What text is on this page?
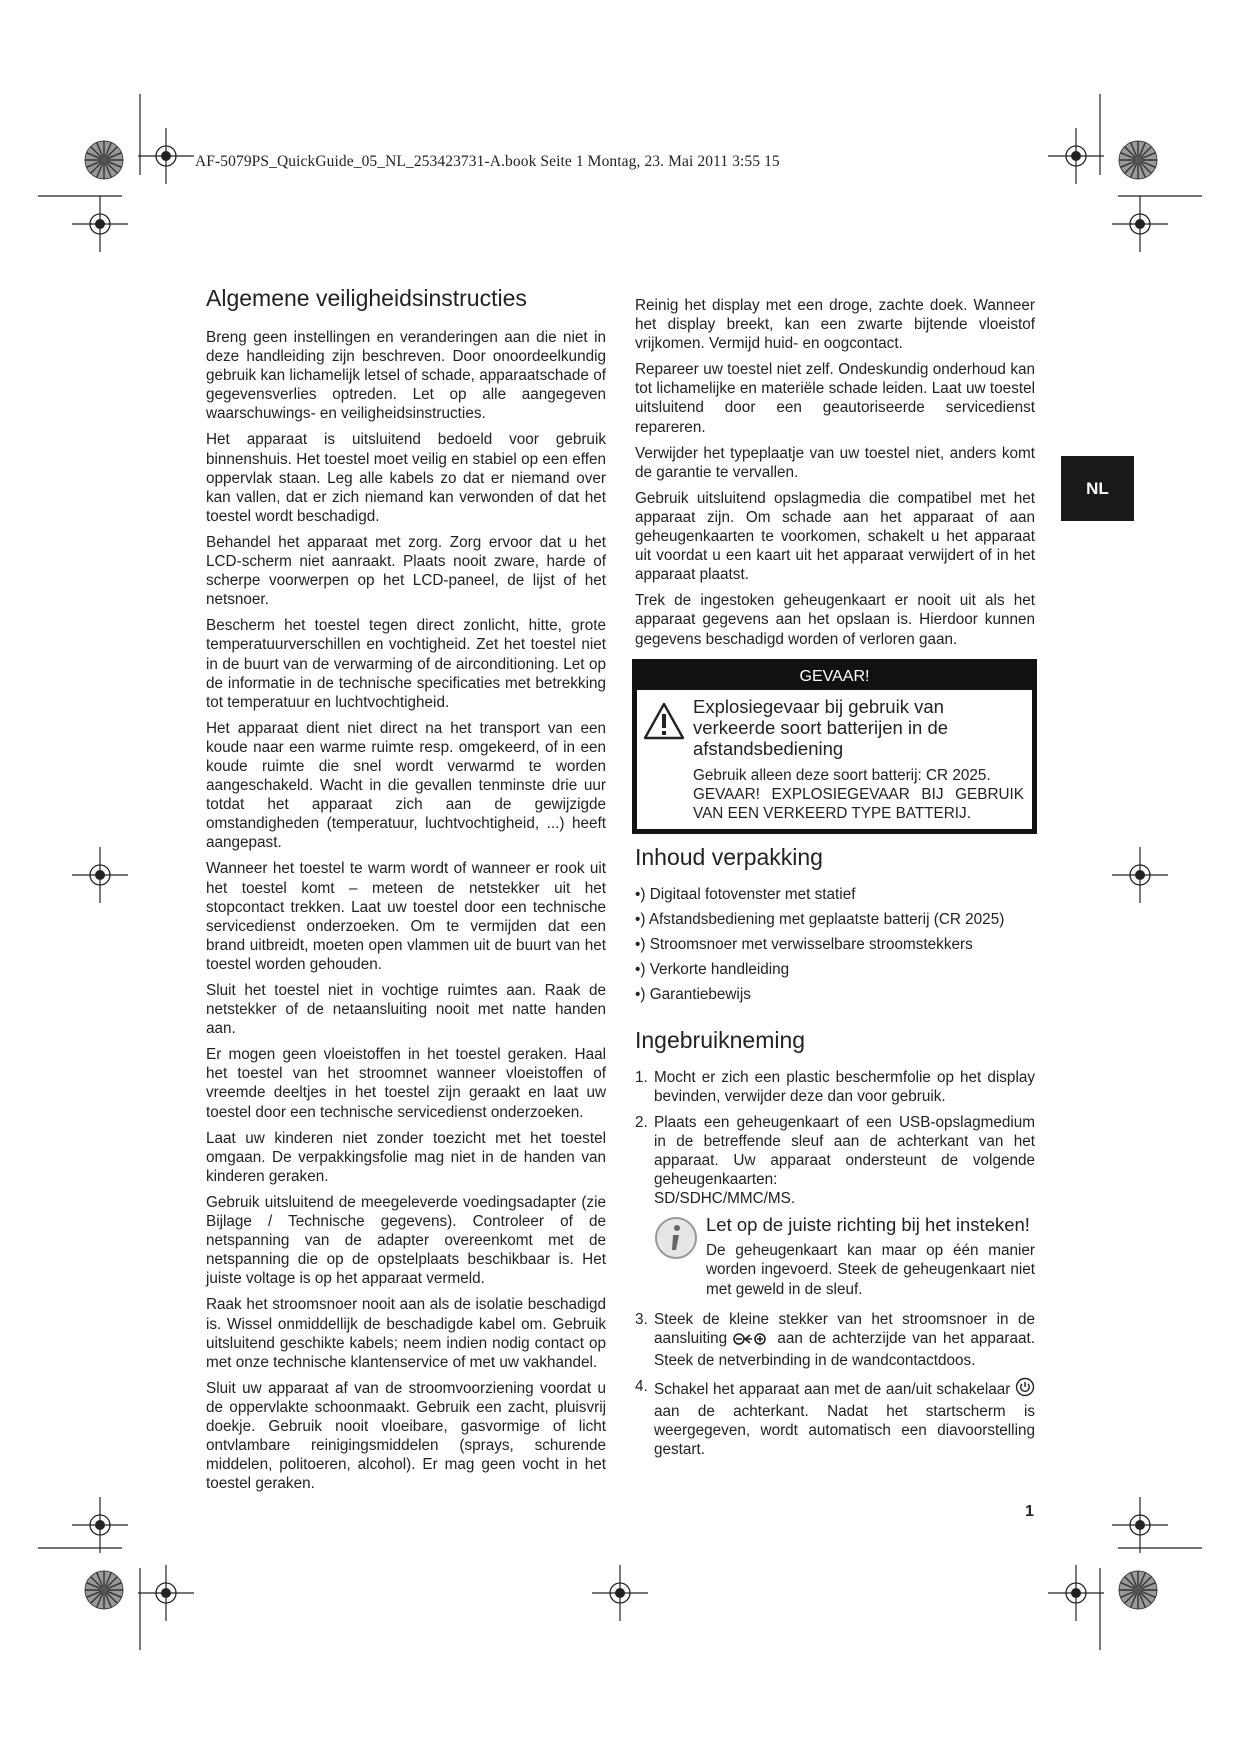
AF-5079PS_QuickGuide_05_NL_253423731-A.book Seite 1 Montag, 23. Mai 2011 3:55 15
NL
Algemene veiligheidsinstructies

Breng geen instellingen en veranderingen aan die niet in deze handleiding zijn beschreven. Door onoordeelkundig gebruik kan lichamelijk letsel of schade, apparaatschade of gegevensverlies optreden. Let op alle aangegeven waarschuwings- en veiligheidsinstructies.

Het apparaat is uitsluitend bedoeld voor gebruik binnenshuis. Het toestel moet veilig en stabiel op een effen oppervlak staan. Leg alle kabels zo dat er niemand over kan vallen, dat er zich niemand kan verwonden of dat het toestel wordt beschadigd.

Behandel het apparaat met zorg. Zorg ervoor dat u het LCD-scherm niet aanraakt. Plaats nooit zware, harde of scherpe voorwerpen op het LCD-paneel, de lijst of het netsnoer.

Bescherm het toestel tegen direct zonlicht, hitte, grote temperatuurverschillen en vochtigheid. Zet het toestel niet in de buurt van de verwarming of de airconditioning. Let op de informatie in de technische specificaties met betrekking tot temperatuur en luchtvochtigheid.

Het apparaat dient niet direct na het transport van een koude naar een warme ruimte resp. omgekeerd, of in een koude ruimte die snel wordt verwarmd te worden aangeschakeld. Wacht in die gevallen tenminste drie uur totdat het apparaat zich aan de gewijzigde omstandigheden (temperatuur, luchtvochtigheid, ...) heeft aangepast.

Wanneer het toestel te warm wordt of wanneer er rook uit het toestel komt – meteen de netstekker uit het stopcontact trekken. Laat uw toestel door een technische servicedienst onderzoeken. Om te vermijden dat een brand uitbreidt, moeten open vlammen uit de buurt van het toestel worden gehouden.

Sluit het toestel niet in vochtige ruimtes aan. Raak de netstekker of de netaansluiting nooit met natte handen aan.

Er mogen geen vloeistoffen in het toestel geraken. Haal het toestel van het stroomnet wanneer vloeistoffen of vreemde deeltjes in het toestel zijn geraakt en laat uw toestel door een technische servicedienst onderzoeken.

Laat uw kinderen niet zonder toezicht met het toestel omgaan. De verpakkingsfolie mag niet in de handen van kinderen geraken.

Gebruik uitsluitend de meegeleverde voedingsadapter (zie Bijlage / Technische gegevens). Controleer of de netspanning van de adapter overeenkomt met de netspanning die op de opstelplaats beschikbaar is. Het juiste voltage is op het apparaat vermeld.

Raak het stroomsnoer nooit aan als de isolatie beschadigd is. Wissel onmiddellijk de beschadigde kabel om. Gebruik uitsluitend geschikte kabels; neem indien nodig contact op met onze technische klantenservice of met uw vakhandel.

Sluit uw apparaat af van de stroomvoorziening voordat u de oppervlakte schoonmaakt. Gebruik een zacht, pluisvrij doekje. Gebruik nooit vloeibare, gasvormige of licht ontvlambare reinigingsmiddelen (sprays, schurende middelen, politoeren, alcohol). Er mag geen vocht in het toestel geraken.

Reinig het display met een droge, zachte doek. Wanneer het display breekt, kan een zwarte bijtende vloeistof vrijkomen. Vermijd huid- en oogcontact.

Repareer uw toestel niet zelf. Ondeskundig onderhoud kan tot lichamelijke en materiële schade leiden. Laat uw toestel uitsluitend door een geautoriseerde servicedienst repareren.

Verwijder het typeplaatje van uw toestel niet, anders komt de garantie te vervallen.

Gebruik uitsluitend opslagmedia die compatibel met het apparaat zijn. Om schade aan het apparaat of aan geheugenkaarten te voorkomen, schakelt u het apparaat uit voordat u een kaart uit het apparaat verwijdert of in het apparaat plaatst.

Trek de ingestoken geheugenkaart er nooit uit als het apparaat gegevens aan het opslaan is. Hierdoor kunnen gegevens beschadigd worden of verloren gaan.

GEVAAR!
Explosiegevaar bij gebruik van verkeerde soort batterijen in de afstandsbediening
Gebruik alleen deze soort batterij: CR 2025.
GEVAAR! EXPLOSIEGEVAAR BIJ GEBRUIK VAN EEN VERKEERD TYPE BATTERIJ.
Inhoud verpakking
•) Digitaal fotovenster met statief
•) Afstandsbediening met geplaatste batterij (CR 2025)
•) Stroomsnoer met verwisselbare stroomstekkers
•) Verkorte handleiding
•) Garantiebewijs
Ingebruikneming
1. Mocht er zich een plastic beschermfolie op het display bevinden, verwijder deze dan voor gebruik.
2. Plaats een geheugenkaart of een USB-opslagmedium in de betreffende sleuf aan de achterkant van het apparaat. Uw apparaat ondersteunt de volgende geheugenkaarten:
SD/SDHC/MMC/MS.
Let op de juiste richting bij het insteken!
De geheugenkaart kan maar op één manier worden ingevoerd. Steek de geheugenkaart niet met geweld in de sleuf.
3. Steek de kleine stekker van het stroomsnoer in de aansluiting	aan de achterzijde van het apparaat. Steek de netverbinding in de wandcontactdoos.
4. Schakel het apparaat aan met de aan/uit schakelaar  aan de achterkant. Nadat het startscherm is weergegeven, wordt automatisch een diavoorstelling gestart.
1
